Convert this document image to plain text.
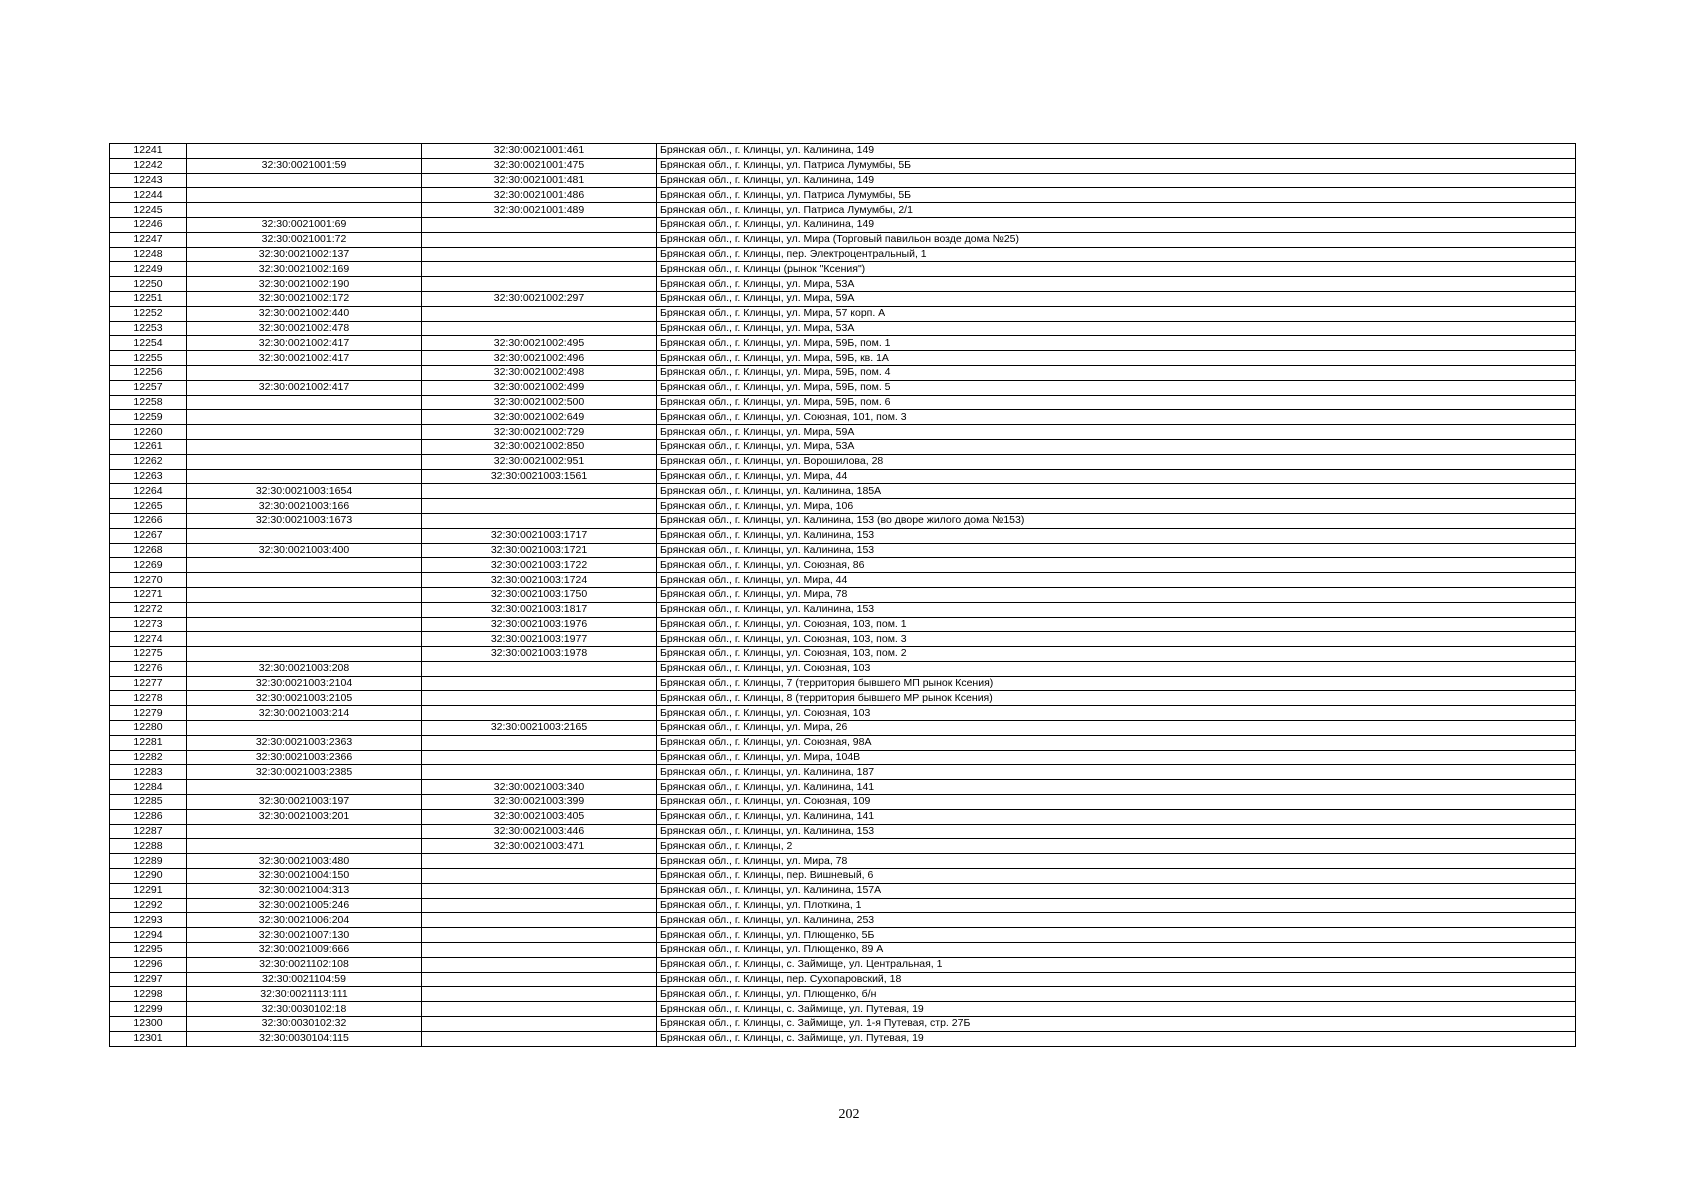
12241		32:30:0021001:461	Брянская обл., г. Клинцы, ул. Калинина, 149
12242	32:30:0021001:59	32:30:0021001:475	Брянская обл., г. Клинцы, ул. Патриса Лумумбы, 5Б
12243		32:30:0021001:481	Брянская обл., г. Клинцы, ул. Калинина, 149
12244		32:30:0021001:486	Брянская обл., г. Клинцы, ул. Патриса Лумумбы, 5Б
12245		32:30:0021001:489	Брянская обл., г. Клинцы, ул. Патриса Лумумбы, 2/1
12246	32:30:0021001:69		Брянская обл., г. Клинцы, ул. Калинина, 149
12247	32:30:0021001:72		Брянская обл., г. Клинцы, ул. Мира (Торговый павильон возде дома №25)
12248	32:30:0021002:137		Брянская обл., г. Клинцы, пер. Электроцентральный, 1
12249	32:30:0021002:169		Брянская обл., г. Клинцы (рынок "Ксения")
12250	32:30:0021002:190		Брянская обл., г. Клинцы, ул. Мира, 53А
12251	32:30:0021002:172	32:30:0021002:297	Брянская обл., г. Клинцы, ул. Мира, 59А
12252	32:30:0021002:440		Брянская обл., г. Клинцы, ул. Мира, 57 корп. А
12253	32:30:0021002:478		Брянская обл., г. Клинцы, ул. Мира, 53А
12254	32:30:0021002:417	32:30:0021002:495	Брянская обл., г. Клинцы, ул. Мира, 59Б, пом. 1
12255	32:30:0021002:417	32:30:0021002:496	Брянская обл., г. Клинцы, ул. Мира, 59Б, кв. 1А
12256		32:30:0021002:498	Брянская обл., г. Клинцы, ул. Мира, 59Б, пом. 4
12257	32:30:0021002:417	32:30:0021002:499	Брянская обл., г. Клинцы, ул. Мира, 59Б, пом. 5
12258		32:30:0021002:500	Брянская обл., г. Клинцы, ул. Мира, 59Б, пом. 6
12259		32:30:0021002:649	Брянская обл., г. Клинцы, ул. Союзная, 101, пом. 3
12260		32:30:0021002:729	Брянская обл., г. Клинцы, ул. Мира, 59А
12261		32:30:0021002:850	Брянская обл., г. Клинцы, ул. Мира, 53А
12262		32:30:0021002:951	Брянская обл., г. Клинцы, ул. Ворошилова, 28
12263		32:30:0021003:1561	Брянская обл., г. Клинцы, ул. Мира, 44
12264	32:30:0021003:1654		Брянская обл., г. Клинцы, ул. Калинина, 185А
12265	32:30:0021003:166		Брянская обл., г. Клинцы, ул. Мира, 106
12266	32:30:0021003:1673		Брянская обл., г. Клинцы, ул. Калинина, 153 (во дворе жилого дома №153)
12267		32:30:0021003:1717	Брянская обл., г. Клинцы, ул. Калинина, 153
12268	32:30:0021003:400	32:30:0021003:1721	Брянская обл., г. Клинцы, ул. Калинина, 153
12269		32:30:0021003:1722	Брянская обл., г. Клинцы, ул. Союзная, 86
12270		32:30:0021003:1724	Брянская обл., г. Клинцы, ул. Мира, 44
12271		32:30:0021003:1750	Брянская обл., г. Клинцы, ул. Мира, 78
12272		32:30:0021003:1817	Брянская обл., г. Клинцы, ул. Калинина, 153
12273		32:30:0021003:1976	Брянская обл., г. Клинцы, ул. Союзная, 103, пом. 1
12274		32:30:0021003:1977	Брянская обл., г. Клинцы, ул. Союзная, 103, пом. 3
12275		32:30:0021003:1978	Брянская обл., г. Клинцы, ул. Союзная, 103, пом. 2
12276	32:30:0021003:208		Брянская обл., г. Клинцы, ул. Союзная, 103
12277	32:30:0021003:2104		Брянская обл., г. Клинцы, 7 (территория бывшего МП рынок Ксения)
12278	32:30:0021003:2105		Брянская обл., г. Клинцы, 8 (территория бывшего МР рынок Ксения)
12279	32:30:0021003:214		Брянская обл., г. Клинцы, ул. Союзная, 103
12280		32:30:0021003:2165	Брянская обл., г. Клинцы, ул. Мира, 26
12281	32:30:0021003:2363		Брянская обл., г. Клинцы, ул. Союзная, 98А
12282	32:30:0021003:2366		Брянская обл., г. Клинцы, ул. Мира, 104В
12283	32:30:0021003:2385		Брянская обл., г. Клинцы, ул. Калинина, 187
12284		32:30:0021003:340	Брянская обл., г. Клинцы, ул. Калинина, 141
12285	32:30:0021003:197	32:30:0021003:399	Брянская обл., г. Клинцы, ул. Союзная, 109
12286	32:30:0021003:201	32:30:0021003:405	Брянская обл., г. Клинцы, ул. Калинина, 141
12287		32:30:0021003:446	Брянская обл., г. Клинцы, ул. Калинина, 153
12288		32:30:0021003:471	Брянская обл., г. Клинцы, 2
12289	32:30:0021003:480		Брянская обл., г. Клинцы, ул. Мира, 78
12290	32:30:0021004:150		Брянская обл., г. Клинцы, пер. Вишневый, 6
12291	32:30:0021004:313		Брянская обл., г. Клинцы, ул. Калинина, 157А
12292	32:30:0021005:246		Брянская обл., г. Клинцы, ул. Плоткина, 1
12293	32:30:0021006:204		Брянская обл., г. Клинцы, ул. Калинина, 253
12294	32:30:0021007:130		Брянская обл., г. Клинцы, ул. Плющенко, 5Б
12295	32:30:0021009:666		Брянская обл., г. Клинцы, ул. Плющенко, 89 А
12296	32:30:0021102:108		Брянская обл., г. Клинцы, с. Займище, ул. Центральная, 1
12297	32:30:0021104:59		Брянская обл., г. Клинцы, пер. Сухопаровский, 18
12298	32:30:0021113:111		Брянская обл., г. Клинцы, ул. Плющенко, б/н
12299	32:30:0030102:18		Брянская обл., г. Клинцы, с. Займище, ул. Путевая, 19
12300	32:30:0030102:32		Брянская обл., г. Клинцы, с. Займище, ул. 1-я Путевая, стр. 27Б
12301	32:30:0030104:115		Брянская обл., г. Клинцы, с. Займище, ул. Путевая, 19
202
